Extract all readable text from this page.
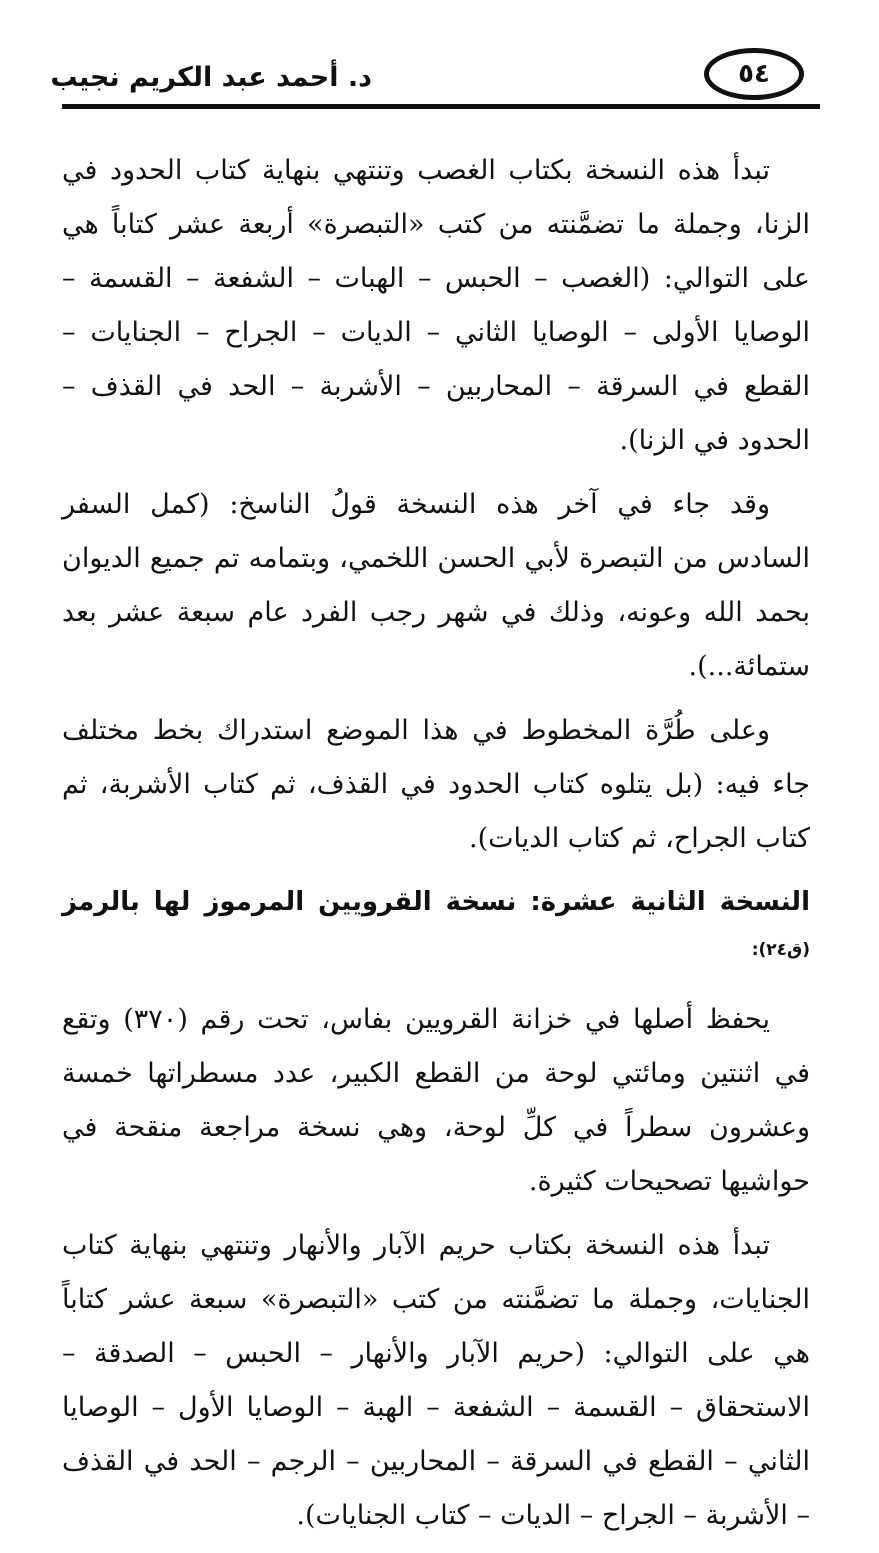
٥٤
د. أحمد عبد الكريم نجيب

تبدأ هذه النسخة بكتاب الغصب وتنتهي بنهاية كتاب الحدود في الزنا، وجملة ما تضمَّنته من كتب «التبصرة» أربعة عشر كتاباً هي على التوالي: (الغصب – الحبس – الهبات – الشفعة – القسمة – الوصايا الأولى – الوصايا الثاني – الديات – الجراح – الجنايات – القطع في السرقة – المحاربين – الأشربة – الحد في القذف – الحدود في الزنا).

وقد جاء في آخر هذه النسخة قولُ الناسخ: (كمل السفر السادس من التبصرة لأبي الحسن اللخمي، وبتمامه تم جميع الديوان بحمد الله وعونه، وذلك في شهر رجب الفرد عام سبعة عشر بعد ستمائة...).

وعلى طُرَّة المخطوط في هذا الموضع استدراك بخط مختلف جاء فيه: (بل يتلوه كتاب الحدود في القذف، ثم كتاب الأشربة، ثم كتاب الجراح، ثم كتاب الديات).

النسخة الثانية عشرة: نسخة القرويين المرموز لها بالرمز $^{(ق٢٤):}$

يحفظ أصلها في خزانة القرويين بفاس، تحت رقم (٣٧٠) وتقع في اثنتين ومائتي لوحة من القطع الكبير، عدد مسطراتها خمسة وعشرون سطراً في كلِّ لوحة، وهي نسخة مراجعة منقحة في حواشيها تصحيحات كثيرة.

تبدأ هذه النسخة بكتاب حريم الآبار والأنهار وتنتهي بنهاية كتاب الجنايات، وجملة ما تضمَّنته من كتب «التبصرة» سبعة عشر كتاباً هي على التوالي: (حريم الآبار والأنهار – الحبس – الصدقة – الاستحقاق – القسمة – الشفعة – الهبة – الوصايا الأول – الوصايا الثاني – القطع في السرقة – المحاربين – الرجم – الحد في القذف – الأشربة – الجراح – الديات – كتاب الجنايات).
